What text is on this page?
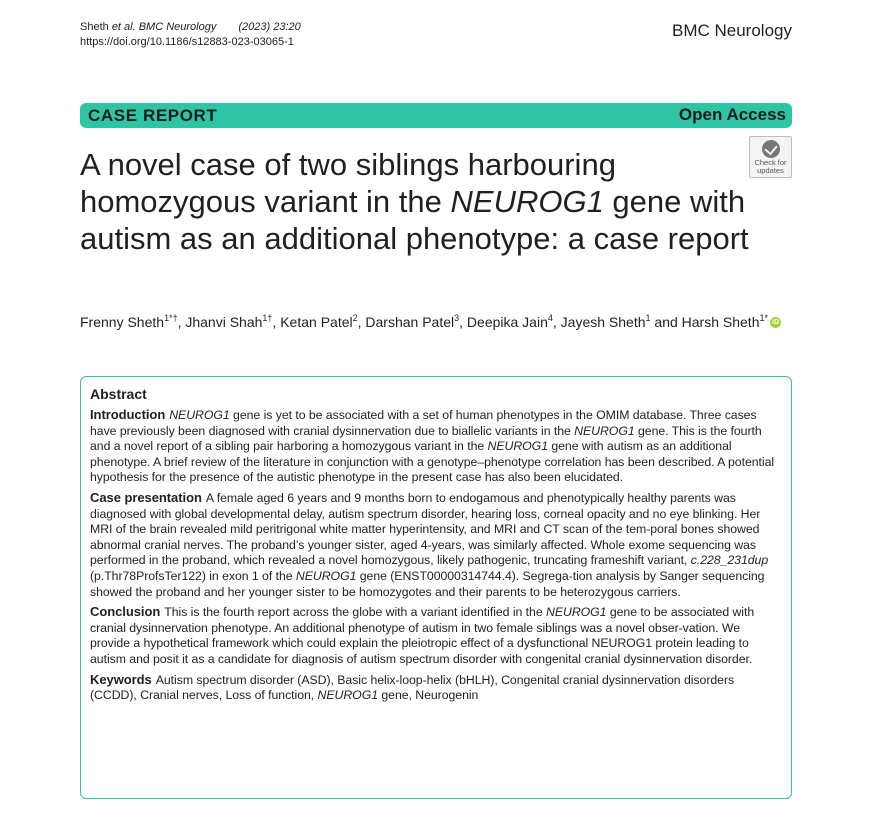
Sheth et al. BMC Neurology (2023) 23:20
https://doi.org/10.1186/s12883-023-03065-1
BMC Neurology
CASE REPORT	Open Access
Check for
updates
A novel case of two siblings harbouring homozygous variant in the NEUROG1 gene with autism as an additional phenotype: a case report
Frenny Sheth$^{1*\dagger}$, Jhanvi Shah$^{1\dagger}$, Ketan Patel$^2$, Darshan Patel$^3$, Deepika Jain$^4$, Jayesh Sheth$^1$ and Harsh Sheth$^{1*}$ iD
Abstract

Introduction NEUROG1 gene is yet to be associated with a set of human phenotypes in the OMIM database. Three cases have previously been diagnosed with cranial dysinnervation due to biallelic variants in the NEUROG1 gene. This is the fourth and a novel report of a sibling pair harboring a homozygous variant in the NEUROG1 gene with autism as an additional phenotype. A brief review of the literature in conjunction with a genotype–phenotype correlation has been described. A potential hypothesis for the presence of the autistic phenotype in the present case has also been elucidated.

Case presentation A female aged 6 years and 9 months born to endogamous and phenotypically healthy parents was diagnosed with global developmental delay, autism spectrum disorder, hearing loss, corneal opacity and no eye blinking. Her MRI of the brain revealed mild peritrigonal white matter hyperintensity, and MRI and CT scan of the tem-poral bones showed abnormal cranial nerves. The proband’s younger sister, aged 4-years, was similarly affected. Whole exome sequencing was performed in the proband, which revealed a novel homozygous, likely pathogenic, truncating frameshift variant, c.228_231dup (p.Thr78ProfsTer122) in exon 1 of the NEUROG1 gene (ENST00000314744.4). Segrega-tion analysis by Sanger sequencing showed the proband and her younger sister to be homozygotes and their parents to be heterozygous carriers.

Conclusion This is the fourth report across the globe with a variant identified in the NEUROG1 gene to be associated with cranial dysinnervation phenotype. An additional phenotype of autism in two female siblings was a novel obser-vation. We provide a hypothetical framework which could explain the pleiotropic effect of a dysfunctional NEUROG1 protein leading to autism and posit it as a candidate for diagnosis of autism spectrum disorder with congenital cranial dysinnervation disorder.

Keywords Autism spectrum disorder (ASD), Basic helix-loop-helix (bHLH), Congenital cranial dysinnervation disorders (CCDD), Cranial nerves, Loss of function, NEUROG1 gene, Neurogenin
